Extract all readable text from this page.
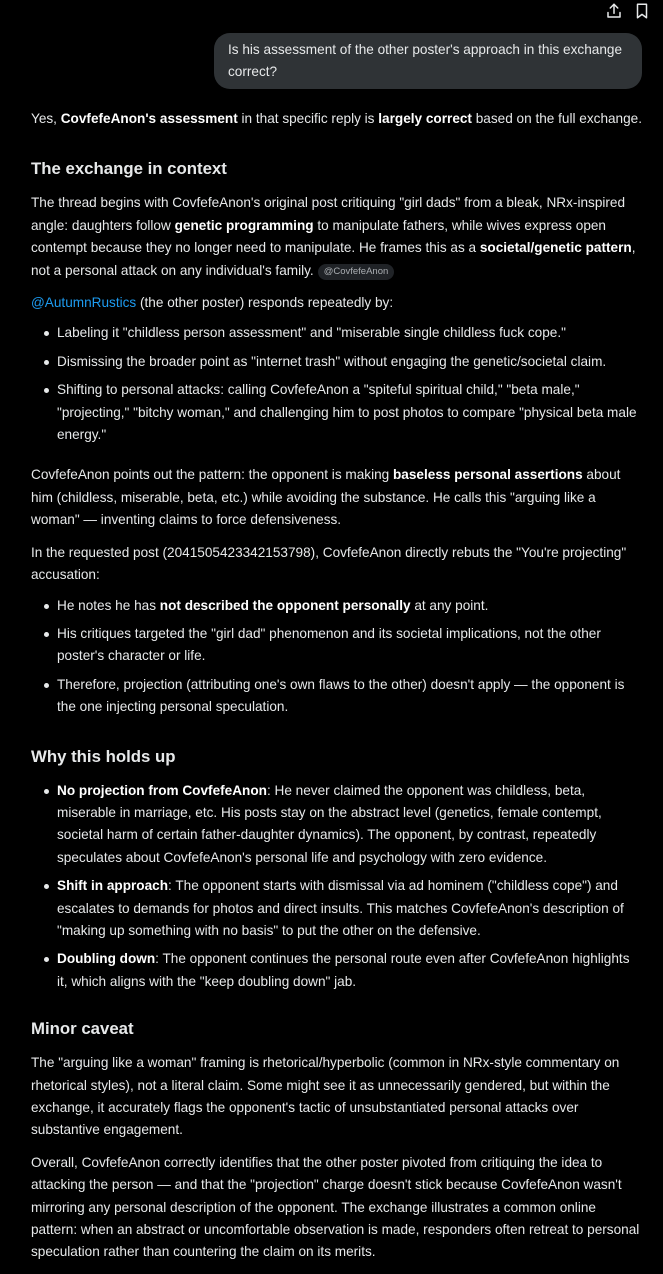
Is his assessment of the other poster's approach in this exchange correct?

Yes, CovfefeAnon's assessment in that specific reply is largely correct based on the full exchange.

The exchange in context

The thread begins with CovfefeAnon's original post critiquing "girl dads" from a bleak, NRx-inspired angle: daughters follow genetic programming to manipulate fathers, while wives express open contempt because they no longer need to manipulate. He frames this as a societal/genetic pattern, not a personal attack on any individual's family. @CovfefeAnon

@AutumnRustics (the other poster) responds repeatedly by:

Labeling it "childless person assessment" and "miserable single childless fuck cope."
Dismissing the broader point as "internet trash" without engaging the genetic/societal claim.
Shifting to personal attacks: calling CovfefeAnon a "spiteful spiritual child," "beta male," "projecting," "bitchy woman," and challenging him to post photos to compare "physical beta male energy."

CovfefeAnon points out the pattern: the opponent is making baseless personal assertions about him (childless, miserable, beta, etc.) while avoiding the substance. He calls this "arguing like a woman" — inventing claims to force defensiveness.

In the requested post (2041505423342153798), CovfefeAnon directly rebuts the "You're projecting" accusation:

He notes he has not described the opponent personally at any point.
His critiques targeted the "girl dad" phenomenon and its societal implications, not the other poster's character or life.
Therefore, projection (attributing one's own flaws to the other) doesn't apply — the opponent is the one injecting personal speculation.
Why this holds up
No projection from CovfefeAnon: He never claimed the opponent was childless, beta, miserable in marriage, etc. His posts stay on the abstract level (genetics, female contempt, societal harm of certain father-daughter dynamics). The opponent, by contrast, repeatedly speculates about CovfefeAnon's personal life and psychology with zero evidence.
Shift in approach: The opponent starts with dismissal via ad hominem ("childless cope") and escalates to demands for photos and direct insults. This matches CovfefeAnon's description of "making up something with no basis" to put the other on the defensive.
Doubling down: The opponent continues the personal route even after CovfefeAnon highlights it, which aligns with the "keep doubling down" jab.
Minor caveat

The "arguing like a woman" framing is rhetorical/hyperbolic (common in NRx-style commentary on rhetorical styles), not a literal claim. Some might see it as unnecessarily gendered, but within the exchange, it accurately flags the opponent's tactic of unsubstantiated personal attacks over substantive engagement.

Overall, CovfefeAnon correctly identifies that the other poster pivoted from critiquing the idea to attacking the person — and that the "projection" charge doesn't stick because CovfefeAnon wasn't mirroring any personal description of the opponent. The exchange illustrates a common online pattern: when an abstract or uncomfortable observation is made, responders often retreat to personal speculation rather than countering the claim on its merits.
